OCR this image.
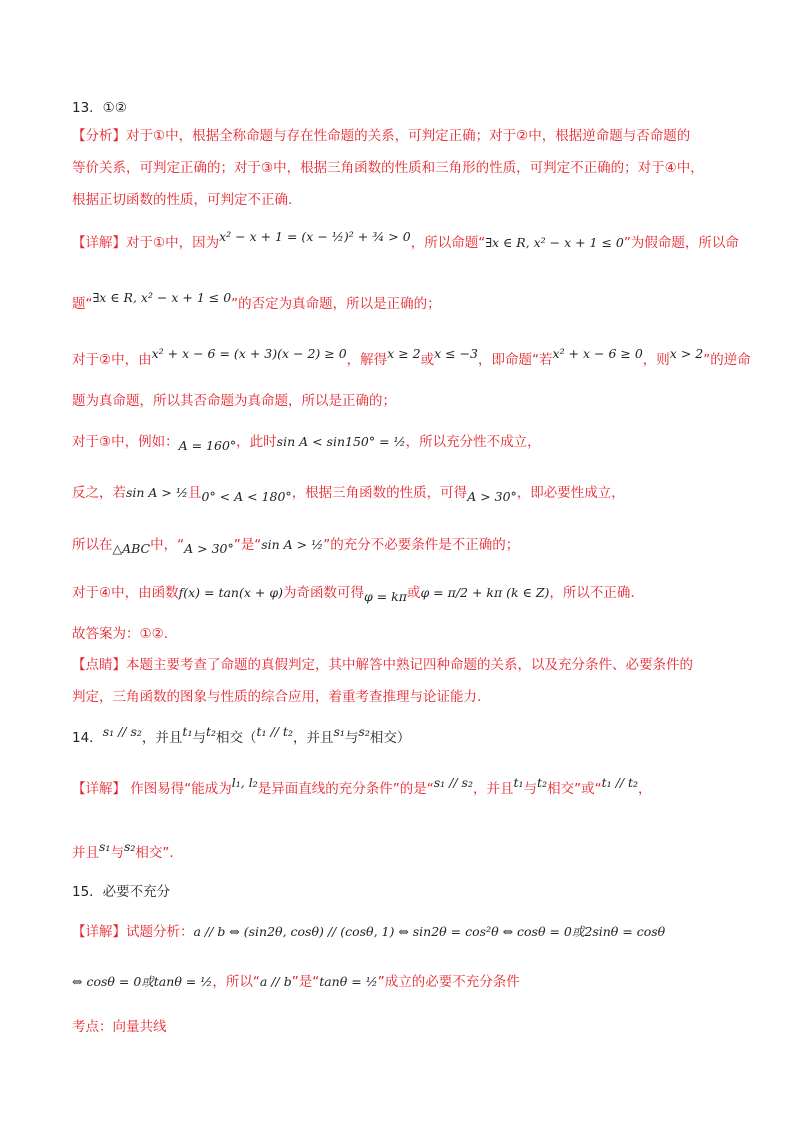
13．①②
【分析】对于①中，根据全称命题与存在性命题的关系，可判定正确；对于②中，根据逆命题与否命题的
等价关系，可判定正确的；对于③中，根据三角函数的性质和三角形的性质，可判定不正确的；对于④中，
根据正切函数的性质，可判定不正确.
【详解】对于①中，因为x² − x + 1 = (x − ½)² + ¾ > 0，所以命题“∃x ∈ R, x² − x + 1 ≤ 0”为假命题，所以命
题“∃x ∈ R, x² − x + 1 ≤ 0”的否定为真命题，所以是正确的；
对于②中，由x² + x − 6 = (x + 3)(x − 2) ≥ 0，解得x ≥ 2或x ≤ −3，即命题“若x² + x − 6 ≥ 0，则x > 2”的逆命
题为真命题，所以其否命题为真命题，所以是正确的；
对于③中，例如：A = 160°，此时sin A < sin150° = ½，所以充分性不成立，
反之，若sin A > ½且0° < A < 180°，根据三角函数的性质，可得A > 30°，即必要性成立，
所以在△ABC中，“A > 30°”是“sin A > ½”的充分不必要条件是不正确的；
对于④中，由函数f(x) = tan(x + φ)为奇函数可得φ = kπ或φ = π/2 + kπ (k ∈ Z)，所以不正确.
故答案为：①②.
【点睛】本题主要考查了命题的真假判定，其中解答中熟记四种命题的关系，以及充分条件、必要条件的
判定，三角函数的图象与性质的综合应用，着重考查推理与论证能力.
14．s₁ // s₂，并且t₁与t₂相交（t₁ // t₂，并且s₁与s₂相交）
【详解】 作图易得“能成为l₁, l₂是异面直线的充分条件”的是“s₁ // s₂，并且t₁与t₂相交”或“t₁ // t₂，
并且s₁与s₂相交”.
15．必要不充分
【详解】试题分析：a // b ⇔ (sin2θ, cosθ) // (cosθ, 1) ⇔ sin2θ = cos²θ ⇔ cosθ = 0或2sinθ = cosθ
⇔ cosθ = 0或tanθ = ½，所以“a // b”是“tanθ = ½”成立的必要不充分条件
考点：向量共线
